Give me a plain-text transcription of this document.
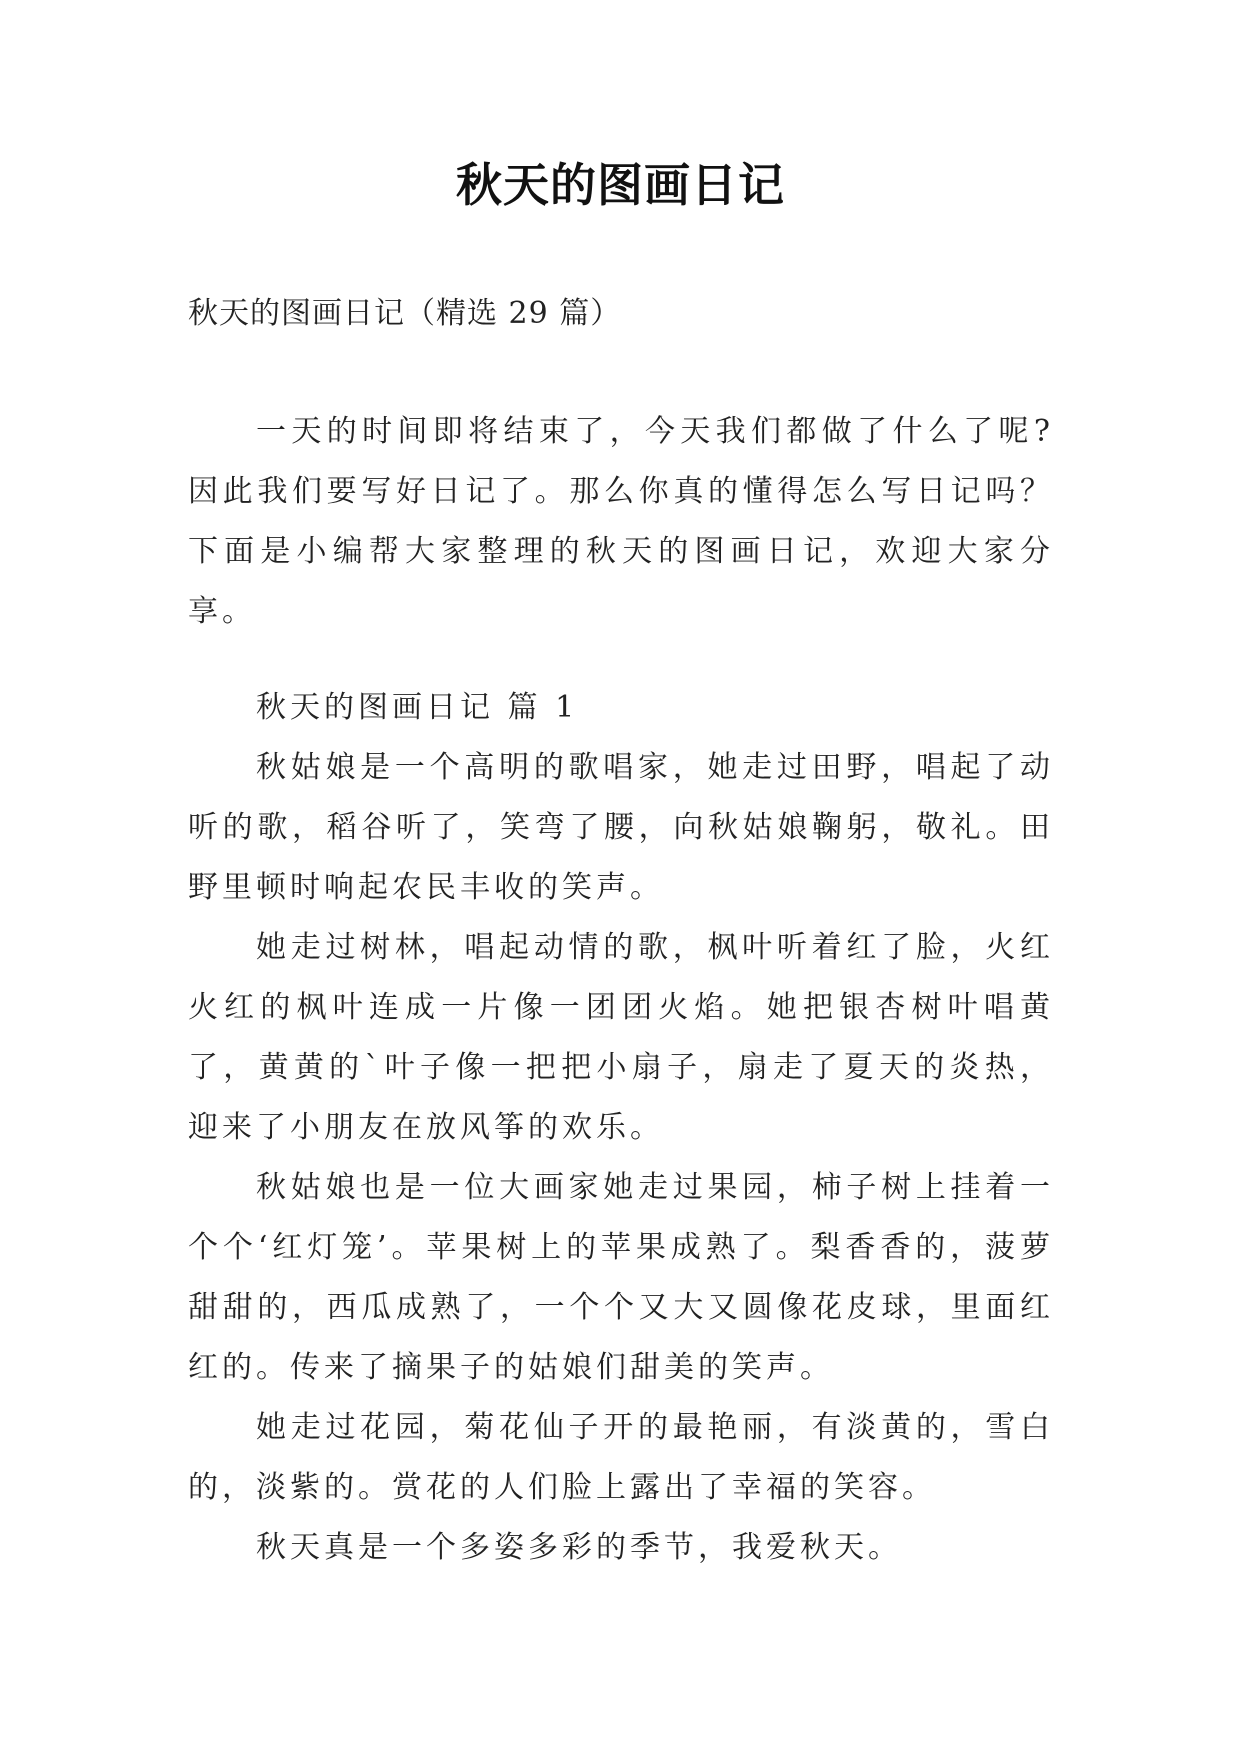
秋天的图画日记

秋天的图画日记（精选 29 篇）

一天的时间即将结束了，今天我们都做了什么了呢?因此我们要写好日记了。那么你真的懂得怎么写日记吗？下面是小编帮大家整理的秋天的图画日记，欢迎大家分享。

秋天的图画日记 篇 1

秋姑娘是一个高明的歌唱家，她走过田野，唱起了动听的歌，稻谷听了，笑弯了腰，向秋姑娘鞠躬，敬礼。田野里顿时响起农民丰收的笑声。

她走过树林，唱起动情的歌，枫叶听着红了脸，火红火红的枫叶连成一片像一团团火焰。她把银杏树叶唱黄了，黄黄的`叶子像一把把小扇子，扇走了夏天的炎热，迎来了小朋友在放风筝的欢乐。

秋姑娘也是一位大画家她走过果园，柿子树上挂着一个个‘红灯笼’。苹果树上的苹果成熟了。梨香香的，菠萝甜甜的，西瓜成熟了，一个个又大又圆像花皮球，里面红红的。传来了摘果子的姑娘们甜美的笑声。

她走过花园，菊花仙子开的最艳丽，有淡黄的，雪白的，淡紫的。赏花的人们脸上露出了幸福的笑容。

秋天真是一个多姿多彩的季节，我爱秋天。
